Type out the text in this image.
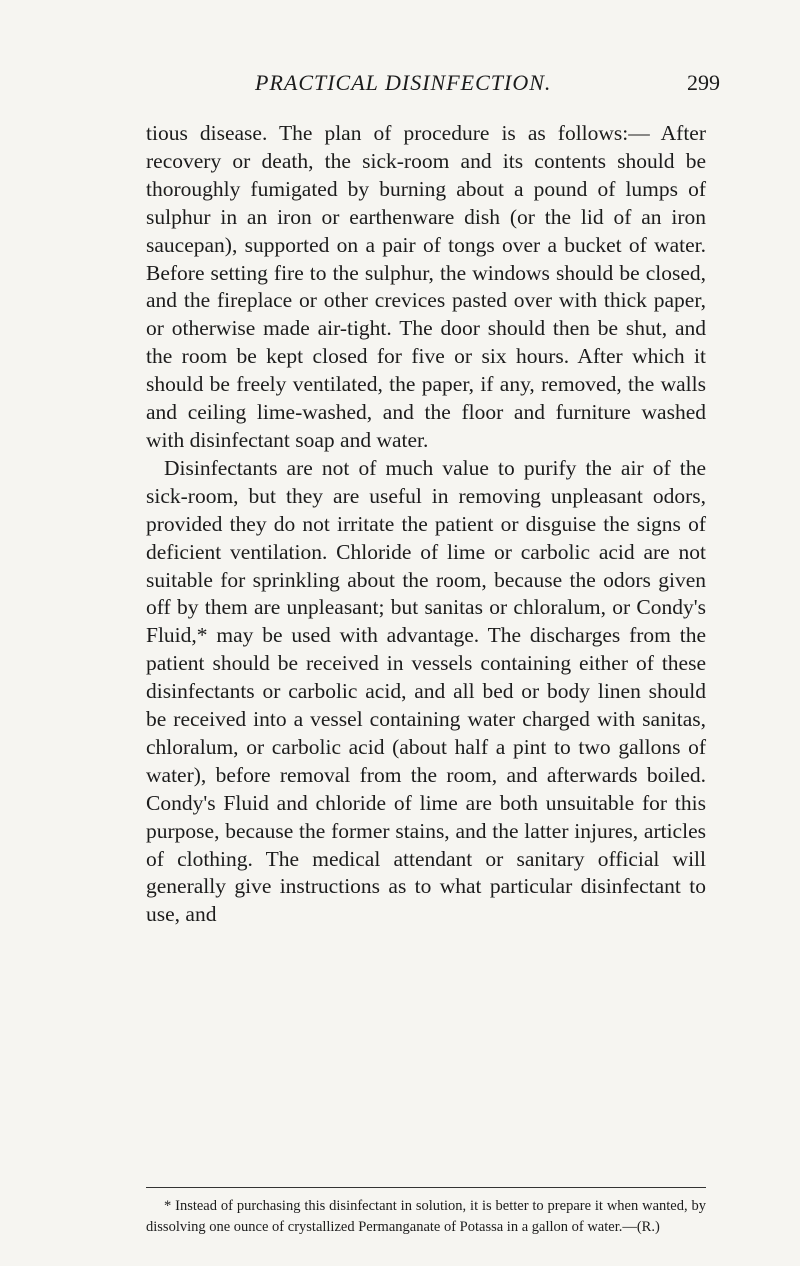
PRACTICAL DISINFECTION.	299

tious disease. The plan of procedure is as follows:— After recovery or death, the sick-room and its contents should be thoroughly fumigated by burning about a pound of lumps of sulphur in an iron or earthenware dish (or the lid of an iron saucepan), supported on a pair of tongs over a bucket of water. Before setting fire to the sulphur, the windows should be closed, and the fireplace or other crevices pasted over with thick paper, or otherwise made air-tight. The door should then be shut, and the room be kept closed for five or six hours. After which it should be freely ventilated, the paper, if any, removed, the walls and ceiling lime-washed, and the floor and furniture washed with disinfectant soap and water.

Disinfectants are not of much value to purify the air of the sick-room, but they are useful in removing unpleasant odors, provided they do not irritate the patient or disguise the signs of deficient ventilation. Chloride of lime or carbolic acid are not suitable for sprinkling about the room, because the odors given off by them are unpleasant; but sanitas or chloralum, or Condy's Fluid,* may be used with advantage. The discharges from the patient should be received in vessels containing either of these disinfectants or carbolic acid, and all bed or body linen should be received into a vessel containing water charged with sanitas, chloralum, or carbolic acid (about half a pint to two gallons of water), before removal from the room, and afterwards boiled. Condy's Fluid and chloride of lime are both unsuitable for this purpose, because the former stains, and the latter injures, articles of clothing. The medical attendant or sanitary official will generally give instructions as to what particular disinfectant to use, and

* Instead of purchasing this disinfectant in solution, it is better to prepare it when wanted, by dissolving one ounce of crystallized Permanganate of Potassa in a gallon of water.—(R.)
